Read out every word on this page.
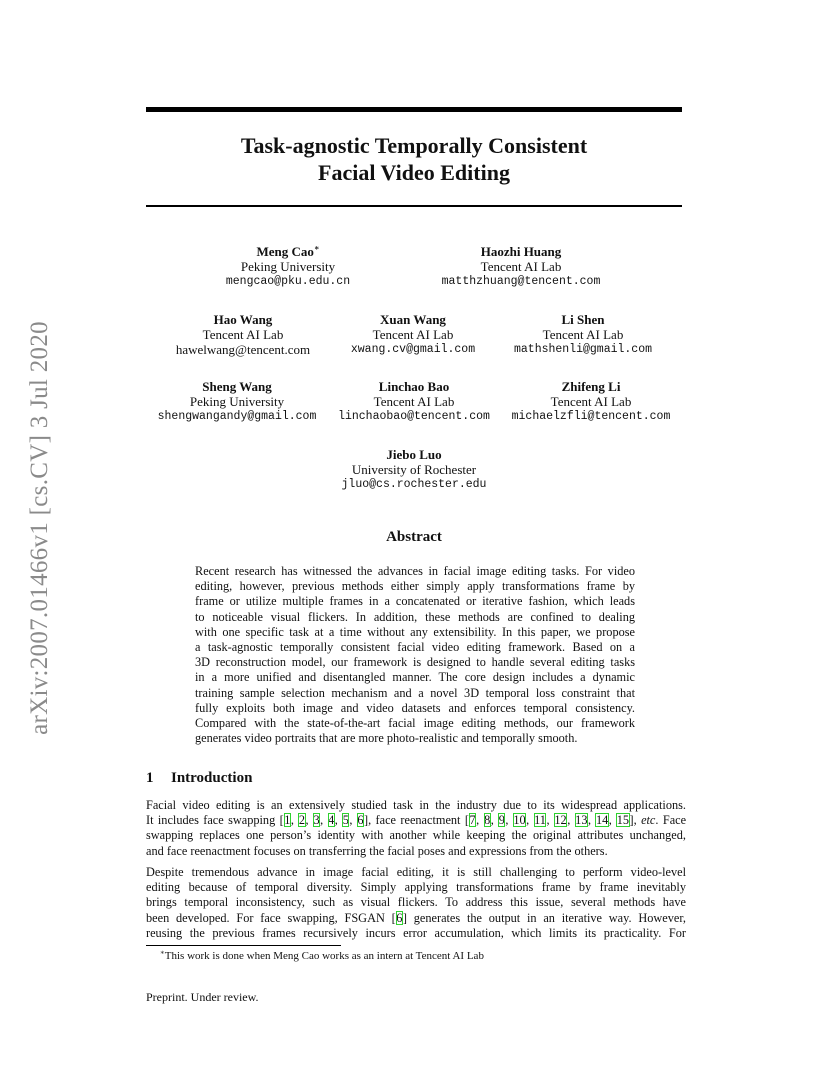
arXiv:2007.01466v1 [cs.CV] 3 Jul 2020
Task-agnostic Temporally Consistent
Facial Video Editing
Meng Cao∗
Peking University
mengcao@pku.edu.cn
Haozhi Huang
Tencent AI Lab
matthzhuang@tencent.com
Hao Wang
Tencent AI Lab
hawelwang@tencent.com
Xuan Wang
Tencent AI Lab
xwang.cv@gmail.com
Li Shen
Tencent AI Lab
mathshenli@gmail.com
Sheng Wang
Peking University
shengwangandy@gmail.com
Linchao Bao
Tencent AI Lab
linchaobao@tencent.com
Zhifeng Li
Tencent AI Lab
michaelzfli@tencent.com
Jiebo Luo
University of Rochester
jluo@cs.rochester.edu
Abstract
Recent research has witnessed the advances in facial image editing tasks. For video
editing, however, previous methods either simply apply transformations frame by
frame or utilize multiple frames in a concatenated or iterative fashion, which leads
to noticeable visual flickers. In addition, these methods are confined to dealing
with one specific task at a time without any extensibility. In this paper, we propose
a task-agnostic temporally consistent facial video editing framework. Based on a
3D reconstruction model, our framework is designed to handle several editing tasks
in a more unified and disentangled manner. The core design includes a dynamic
training sample selection mechanism and a novel 3D temporal loss constraint that
fully exploits both image and video datasets and enforces temporal consistency.
Compared with the state-of-the-art facial image editing methods, our framework
generates video portraits that are more photo-realistic and temporally smooth.
1 Introduction
Facial video editing is an extensively studied task in the industry due to its widespread applications.
It includes face swapping [1, 2, 3, 4, 5, 6], face reenactment [7, 8, 9, 10, 11, 12, 13, 14, 15], etc. Face
swapping replaces one person’s identity with another while keeping the original attributes unchanged,
and face reenactment focuses on transferring the facial poses and expressions from the others.
Despite tremendous advance in image facial editing, it is still challenging to perform video-level
editing because of temporal diversity. Simply applying transformations frame by frame inevitably
brings temporal inconsistency, such as visual flickers. To address this issue, several methods have
been developed. For face swapping, FSGAN [6] generates the output in an iterative way. However,
reusing the previous frames recursively incurs error accumulation, which limits its practicality. For
∗This work is done when Meng Cao works as an intern at Tencent AI Lab
Preprint. Under review.
